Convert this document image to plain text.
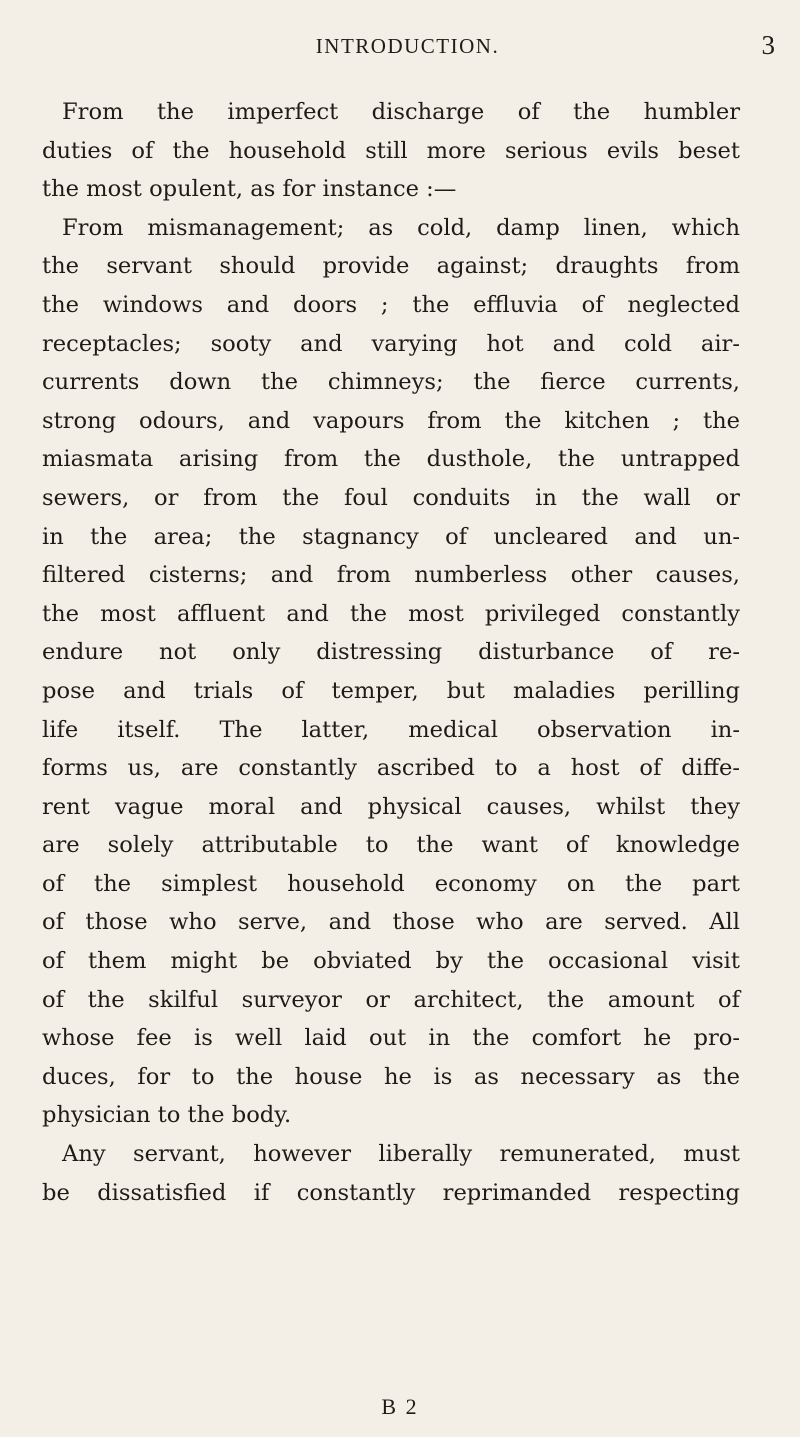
INTRODUCTION.	3
From the imperfect discharge of the humbler
duties of the household still more serious evils beset
the most opulent, as for instance :—
From mismanagement; as cold, damp linen, which
the servant should provide against; draughts from
the windows and doors ; the effluvia of neglected
receptacles; sooty and varying hot and cold air-
currents down the chimneys; the fierce currents,
strong odours, and vapours from the kitchen ; the
miasmata arising from the dusthole, the untrapped
sewers, or from the foul conduits in the wall or
in the area; the stagnancy of uncleared and un-
filtered cisterns; and from numberless other causes,
the most affluent and the most privileged constantly
endure not only distressing disturbance of re-
pose and trials of temper, but maladies perilling
life itself. The latter, medical observation in-
forms us, are constantly ascribed to a host of diffe-
rent vague moral and physical causes, whilst they
are solely attributable to the want of knowledge
of the simplest household economy on the part
of those who serve, and those who are served. All
of them might be obviated by the occasional visit
of the skilful surveyor or architect, the amount of
whose fee is well laid out in the comfort he pro-
duces, for to the house he is as necessary as the
physician to the body.
Any servant, however liberally remunerated, must
be dissatisfied if constantly reprimanded respecting
B 2
